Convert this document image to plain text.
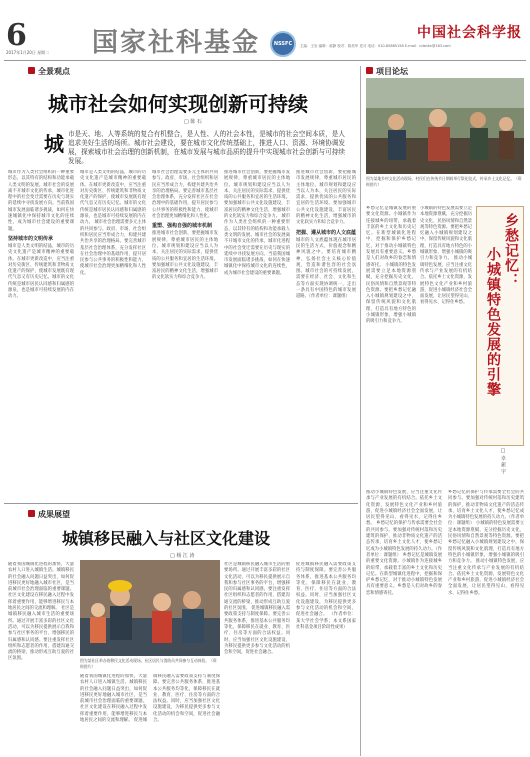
6
2017年1月20日 星期二 国家社科基金	NSSFC
中国社会科学报
主编：王岩 编辑：郝静 校对：陈美华 见习 电话：010-85885158 E-mail：ndshkx@163.com
全景观点
城市社会如何实现创新可持续
□ 陈 石
城 市是天、地、人等系统的复合有机整合，是人性、人的社会本性，是城市的社会空间本质，是人追求美好生活的场所。城市社会建设，要在城市文化传统基础上，推进人口、资源、环境协调发展，探索城市社会治理的创新机制，在城市发展与城市品质的提升中实现城市社会创新与可持续发展。
城市作为人类社会组织的一种重要形态，以其特有的结构和功能承载人类文明的发展。城市社会的发展离不开城市文化的传承，城市化进程中的社会变迁需要在历史与现实的延续中寻找发展方向。当前我国城市发展面临诸多挑战，如何在快速城镇化中保持城市文化的连续性，成为城市社会建设的重要课题。
坚持城市的文明传承
城市是人类文明的结晶，城市的历史文化遗产是城市精神的重要载体。在城市更新改造中，应当注重对历史街区、传统建筑和非物质文化遗产的保护，使城市发展既有现代气息又有历史记忆。城市的文化传统是城市居民认同感和归属感的源泉，也是城市可持续发展的内在动力。
城市是人类文明的结晶，城市的历史文化遗产是城市精神的重要载体。在城市更新改造中，应当注重对历史街区、传统建筑和非物质文化遗产的保护，使城市发展既有现代气息又有历史记忆。城市的文化传统是城市居民认同感和归属感的源泉，也是城市可持续发展的内在动力。 城市社会治理需要多元主体的共同参与。政府、市场、社会组织和居民应当形成合力，构建共建共治共享的治理格局。要完善城市基层社会治理体系，充分发挥社区在社会治理中的基础作用，提升居民参与公共事务的积极性和能力，使城市社会治理更加精细化和人性化。
城市社会治理需要多元主体的共同参与。政府、市场、社会组织和居民应当形成合力，构建共建共治共享的治理格局。要完善城市基层社会治理体系，充分发挥社区在社会治理中的基础作用，提升居民参与公共事务的积极性和能力，使城市社会治理更加精细化和人性化。
重塑、强构自强的城市机制
推进城市社会创新，要把握城市发展规律，尊重城市居民的主体地位。城市规划和建设应当以人为本，关注居民的实际需求，提供优质的公共服务和宜居的生活环境。要加强城市公共文化设施建设，丰富居民的精神文化生活，增强城市的文化软实力和综合竞争力。
推进城市社会创新，要把握城市发展规律，尊重城市居民的主体地位。城市规划和建设应当以人为本，关注居民的实际需求，提供优质的公共服务和宜居的生活环境。要加强城市公共文化设施建设，丰富居民的精神文化生活，增强城市的文化软实力和综合竞争力。 城市作为人类社会组织的一种重要形态，以其特有的结构和功能承载人类文明的发展。城市社会的发展离不开城市文化的传承，城市化进程中的社会变迁需要在历史与现实的延续中寻找发展方向。当前我国城市发展面临诸多挑战，如何在快速城镇化中保持城市文化的连续性，成为城市社会建设的重要课题。
推进城市社会创新，要把握城市发展规律，尊重城市居民的主体地位。城市规划和建设应当以人为本，关注居民的实际需求，提供优质的公共服务和宜居的生活环境。要加强城市公共文化设施建设，丰富居民的精神文化生活，增强城市的文化软实力和综合竞争力。
把握、遵从城市的人文底蕴
城市的人文底蕴体现在城市居民的生活方式、价值观念和精神风貌之中。要培育城市精神，弘扬社会主义核心价值观，营造和谐包容的社会氛围。城市社会的可持续发展，需要在经济、社会、文化和生态等方面实现协调统一，走出一条具有中国特色的城市发展道路。（作者单位：课题组）
成果展望
城镇移民融入与社区文化建设
□ 杨 江 涛
随着我国城镇化进程的加快，大量农村人口进入城镇生活。城镇移民的社会融入问题日益突出，如何促进移民更好地融入城市社区，是当前城市社会治理面临的重要课题。社区文化建设在移民融入过程中发挥着重要作用，能够增进移民与本地居民之间的交流和理解。 社区是城镇移民融入城市生活的重要场所。通过开展丰富多彩的社区文化活动，可以为移民提供展示自我和参与社区事务的平台，增强移民的归属感和认同感。要注重发挥社区组织和志愿者的作用，搭建沟通交流的桥梁，推动形成互助互爱的社区氛围。	图为某社区举办的移民文化活动现场，社区居民与消防员共同参与互动体验。（资料图片）
社区是城镇移民融入城市生活的重要场所。通过开展丰富多彩的社区文化活动，可以为移民提供展示自我和参与社区事务的平台，增强移民的归属感和认同感。要注重发挥社区组织和志愿者的作用，搭建沟通交流的桥梁，推动形成互助互爱的社区氛围。 促进城镇移民融入需要政策支持与制度保障。要完善公共服务体系，推进基本公共服务均等化，保障移民在就业、教育、医疗、住房等方面的合法权益。同时，应当加强社区文化设施建设，为移民提供更多参与文化活动的机会和空间，促进社会融合。
促进城镇移民融入需要政策支持与制度保障。要完善公共服务体系，推进基本公共服务均等化，保障移民在就业、教育、医疗、住房等方面的合法权益。同时，应当加强社区文化设施建设，为移民提供更多参与文化活动的机会和空间，促进社会融合。 （作者单位：某大学社会学系；本文系国家社科基金项目阶段性成果）
随着我国城镇化进程的加快，大量农村人口进入城镇生活。城镇移民的社会融入问题日益突出，如何促进移民更好地融入城市社区，是当前城市社会治理面临的重要课题。社区文化建设在移民融入过程中发挥着重要作用，能够增进移民与本地居民之间的交流和理解。 促进城镇移民融入需要政策支持与制度保障。要完善公共服务体系，推进基本公共服务均等化，保障移民在就业、教育、医疗、住房等方面的合法权益。同时，应当加强社区文化设施建设，为移民提供更多参与文化活动的机会和空间，促进社会融合。
项目论坛
图为某地乡村文化活动现场，村民们在传统节日期间举行祭祀仪式，传承乡土文化记忆。（资料图片）
乡愁记忆：
小城镇特色发展的引擎
□ 卓 新 宇
乡愁记忆是城镇发展的重要文化资源。小城镇作为连接城乡的纽带，承载着丰富的乡土文化和历史记忆。在新型城镇化进程中，挖掘和保护乡愁记忆，对于推动小城镇特色发展具有重要意义。乡愁是人们对故乡的眷恋和情感寄托。 小城镇的特色发展需要立足本地资源禀赋，充分挖掘历史文化、民俗风情和自然景观等特色资源。要把乡愁记忆融入小城镇规划建设之中，保留传统风貌和文化肌理，打造具有地方特色的小城镇形象，增强小城镇的吸引力和竞争力。
小城镇的特色发展需要立足本地资源禀赋，充分挖掘历史文化、民俗风情和自然景观等特色资源。要把乡愁记忆融入小城镇规划建设之中，保留传统风貌和文化肌理，打造具有地方特色的小城镇形象，增强小城镇的吸引力和竞争力。 推动小城镇特色发展，应当注重文化传承与产业发展的有机结合。依托乡土文化资源，发展特色文化产业和乡村旅游，促进小城镇经济社会全面发展，让居民望得见山、看得见水、记得住乡愁。
推动小城镇特色发展，应当注重文化传承与产业发展的有机结合。依托乡土文化资源，发展特色文化产业和乡村旅游，促进小城镇经济社会全面发展，让居民望得见山、看得见水、记得住乡愁。 乡愁记忆的保护与传承需要全社会的共同参与。要加强对传统村落和历史建筑的保护，推动非物质文化遗产的活态传承，培育乡土文化人才，使乡愁记忆成为小城镇特色发展的持久动力。（作者单位：课题组） 乡愁记忆是城镇发展的重要文化资源。小城镇作为连接城乡的纽带，承载着丰富的乡土文化和历史记忆。在新型城镇化进程中，挖掘和保护乡愁记忆，对于推动小城镇特色发展具有重要意义。乡愁是人们对故乡的眷恋和情感寄托。
乡愁记忆的保护与传承需要全社会的共同参与。要加强对传统村落和历史建筑的保护，推动非物质文化遗产的活态传承，培育乡土文化人才，使乡愁记忆成为小城镇特色发展的持久动力。（作者单位：课题组） 小城镇的特色发展需要立足本地资源禀赋，充分挖掘历史文化、民俗风情和自然景观等特色资源。要把乡愁记忆融入小城镇规划建设之中，保留传统风貌和文化肌理，打造具有地方特色的小城镇形象，增强小城镇的吸引力和竞争力。 推动小城镇特色发展，应当注重文化传承与产业发展的有机结合。依托乡土文化资源，发展特色文化产业和乡村旅游，促进小城镇经济社会全面发展，让居民望得见山、看得见水、记得住乡愁。
